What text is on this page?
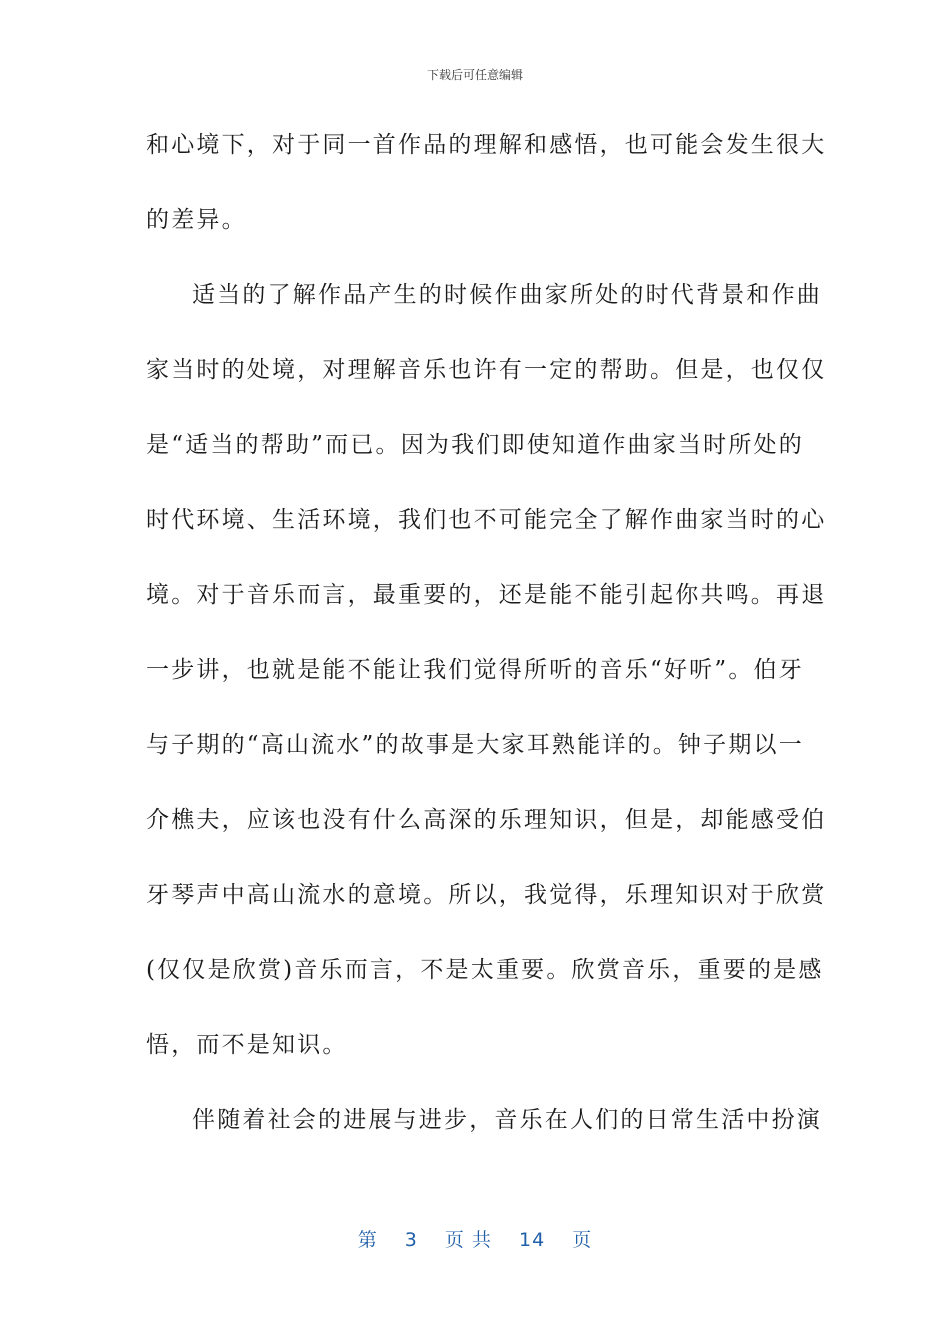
下载后可任意编辑
和心境下，对于同一首作品的理解和感悟，也可能会发生很大
的差异。
适当的了解作品产生的时候作曲家所处的时代背景和作曲
家当时的处境，对理解音乐也许有一定的帮助。但是，也仅仅
是“适当的帮助”而已。因为我们即使知道作曲家当时所处的
时代环境、生活环境，我们也不可能完全了解作曲家当时的心
境。对于音乐而言，最重要的，还是能不能引起你共鸣。再退
一步讲，也就是能不能让我们觉得所听的音乐“好听”。伯牙
与子期的“高山流水”的故事是大家耳熟能详的。钟子期以一
介樵夫，应该也没有什么高深的乐理知识，但是，却能感受伯
牙琴声中高山流水的意境。所以，我觉得，乐理知识对于欣赏
(仅仅是欣赏)音乐而言，不是太重要。欣赏音乐，重要的是感
悟，而不是知识。
伴随着社会的进展与进步，音乐在人们的日常生活中扮演
第 3 页 共 14 页
